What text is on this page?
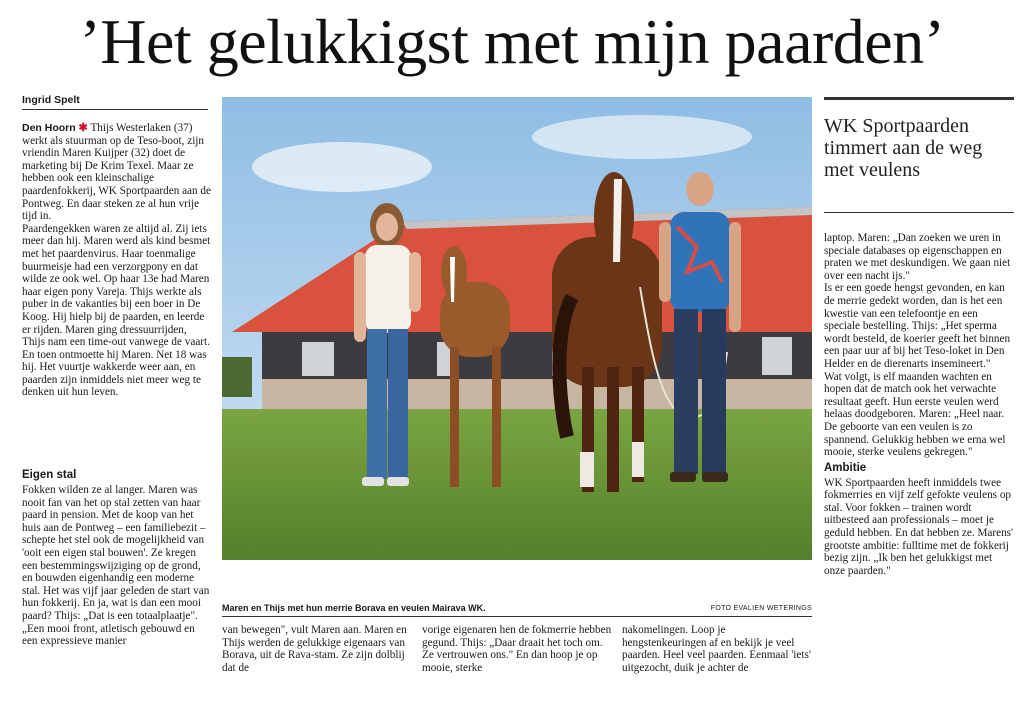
’Het gelukkigst met mijn paarden’
Ingrid Spelt

Den Hoorn ✱ Thijs Westerlaken (37) werkt als stuurman op de Teso-boot, zijn vriendin Maren Kuijper (32) doet de marketing bij De Krim Texel. Maar ze hebben ook een kleinschalige paardenfokkerij, WK Sportpaarden aan de Pontweg. En daar steken ze al hun vrije tijd in.

Paardengekken waren ze altijd al. Zij iets meer dan hij. Maren werd als kind besmet met het paardenvirus. Haar toenmalige buurmeisje had een verzorgpony en dat wilde ze ook wel. Op haar 13e had Maren haar eigen pony Vareja. Thijs werkte als puber in de vakanties bij een boer in De Koog. Hij hielp bij de paarden, en leerde er rijden. Maren ging dressuurrijden, Thijs nam een time-out vanwege de vaart. En toen ontmoette hij Maren. Net 18 was hij. Het vuurtje wakkerde weer aan, en paarden zijn inmiddels niet meer weg te denken uit hun leven.

Eigen stal

Fokken wilden ze al langer. Maren was nooit fan van het op stal zetten van haar paard in pension. Met de koop van het huis aan de Pontweg – een familiebezit – schepte het stel ook de mogelijkheid van 'ooit een eigen stal bouwen'. Ze kregen een bestemmingswijziging op de grond, en bouwden eigenhandig een moderne stal. Het was vijf jaar geleden de start van hun fokkerij. En ja, wat is dan een mooi paard? Thijs: „Dat is een totaalplaatje". „Een mooi front, atletisch gebouwd en een expressieve manier

Maren en Thijs met hun merrie Borava en veulen Mairava WK.	FOTO EVALIEN WETERINGS
van bewegen", vult Maren aan. Maren en Thijs werden de gelukkige eigenaars van Borava, uit de Rava-stam. Ze zijn dolblij dat de
vorige eigenaren hen de fokmerrie hebben gegund. Thijs: „Daar draait het toch om. Ze vertrouwen ons." En dan hoop je op mooie, sterke
nakomelingen. Loop je hengstenkeuringen af en bekijk je veel paarden. Heel veel paarden. Eenmaal 'iets' uitgezocht, duik je achter de
WK Sportpaarden timmert aan de weg met veulens

laptop. Maren: „Dan zoeken we uren in speciale databases op eigenschappen en praten we met deskundigen. We gaan niet over een nacht ijs."

Is er een goede hengst gevonden, en kan de merrie gedekt worden, dan is het een kwestie van een telefoontje en een speciale bestelling. Thijs: „Het sperma wordt besteld, de koerier geeft het binnen een paar uur af bij het Teso-loket in Den Helder en de dierenarts insemineert."

Wat volgt, is elf maanden wachten en hopen dat de match ook het verwachte resultaat geeft. Hun eerste veulen werd helaas doodgeboren. Maren: „Heel naar. De geboorte van een veulen is zo spannend. Gelukkig hebben we erna wel mooie, sterke veulens gekregen."

Ambitie

WK Sportpaarden heeft inmiddels twee fokmerries en vijf zelf gefokte veulens op stal. Voor fokken – trainen wordt uitbesteed aan professionals – moet je geduld hebben. En dat hebben ze. Marens' grootste ambitie: fulltime met de fokkerij bezig zijn. „Ik ben het gelukkigst met onze paarden."
